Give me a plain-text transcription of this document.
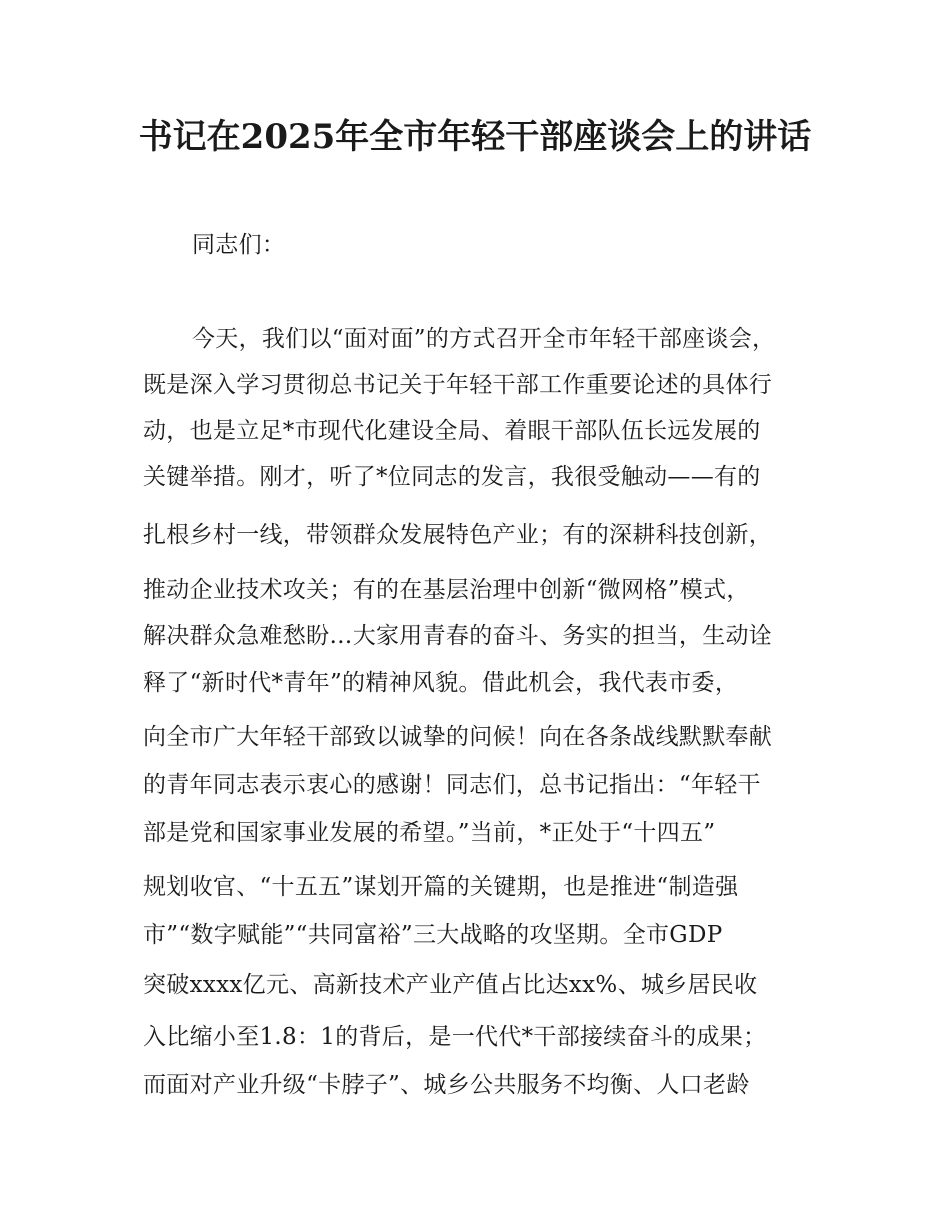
书记在2025年全市年轻干部座谈会上的讲话
同志们：
今天，我们以“面对面”的方式召开全市年轻干部座谈会，
既是深入学习贯彻总书记关于年轻干部工作重要论述的具体行
动，也是立足*市现代化建设全局、着眼干部队伍长远发展的
关键举措。刚才，听了*位同志的发言，我很受触动——有的
扎根乡村一线，带领群众发展特色产业；有的深耕科技创新，
推动企业技术攻关；有的在基层治理中创新“微网格”模式，
解决群众急难愁盼…大家用青春的奋斗、务实的担当，生动诠
释了“新时代*青年”的精神风貌。借此机会，我代表市委，
向全市广大年轻干部致以诚挚的问候！向在各条战线默默奉献
的青年同志表示衷心的感谢！同志们，总书记指出：“年轻干
部是党和国家事业发展的希望。”当前，*正处于“十四五”
规划收官、“十五五”谋划开篇的关键期，也是推进“制造强
市”“数字赋能”“共同富裕”三大战略的攻坚期。全市GDP
突破xxxx亿元、高新技术产业产值占比达xx%、城乡居民收
入比缩小至1.8：1的背后，是一代代*干部接续奋斗的成果；
而面对产业升级“卡脖子”、城乡公共服务不均衡、人口老龄
